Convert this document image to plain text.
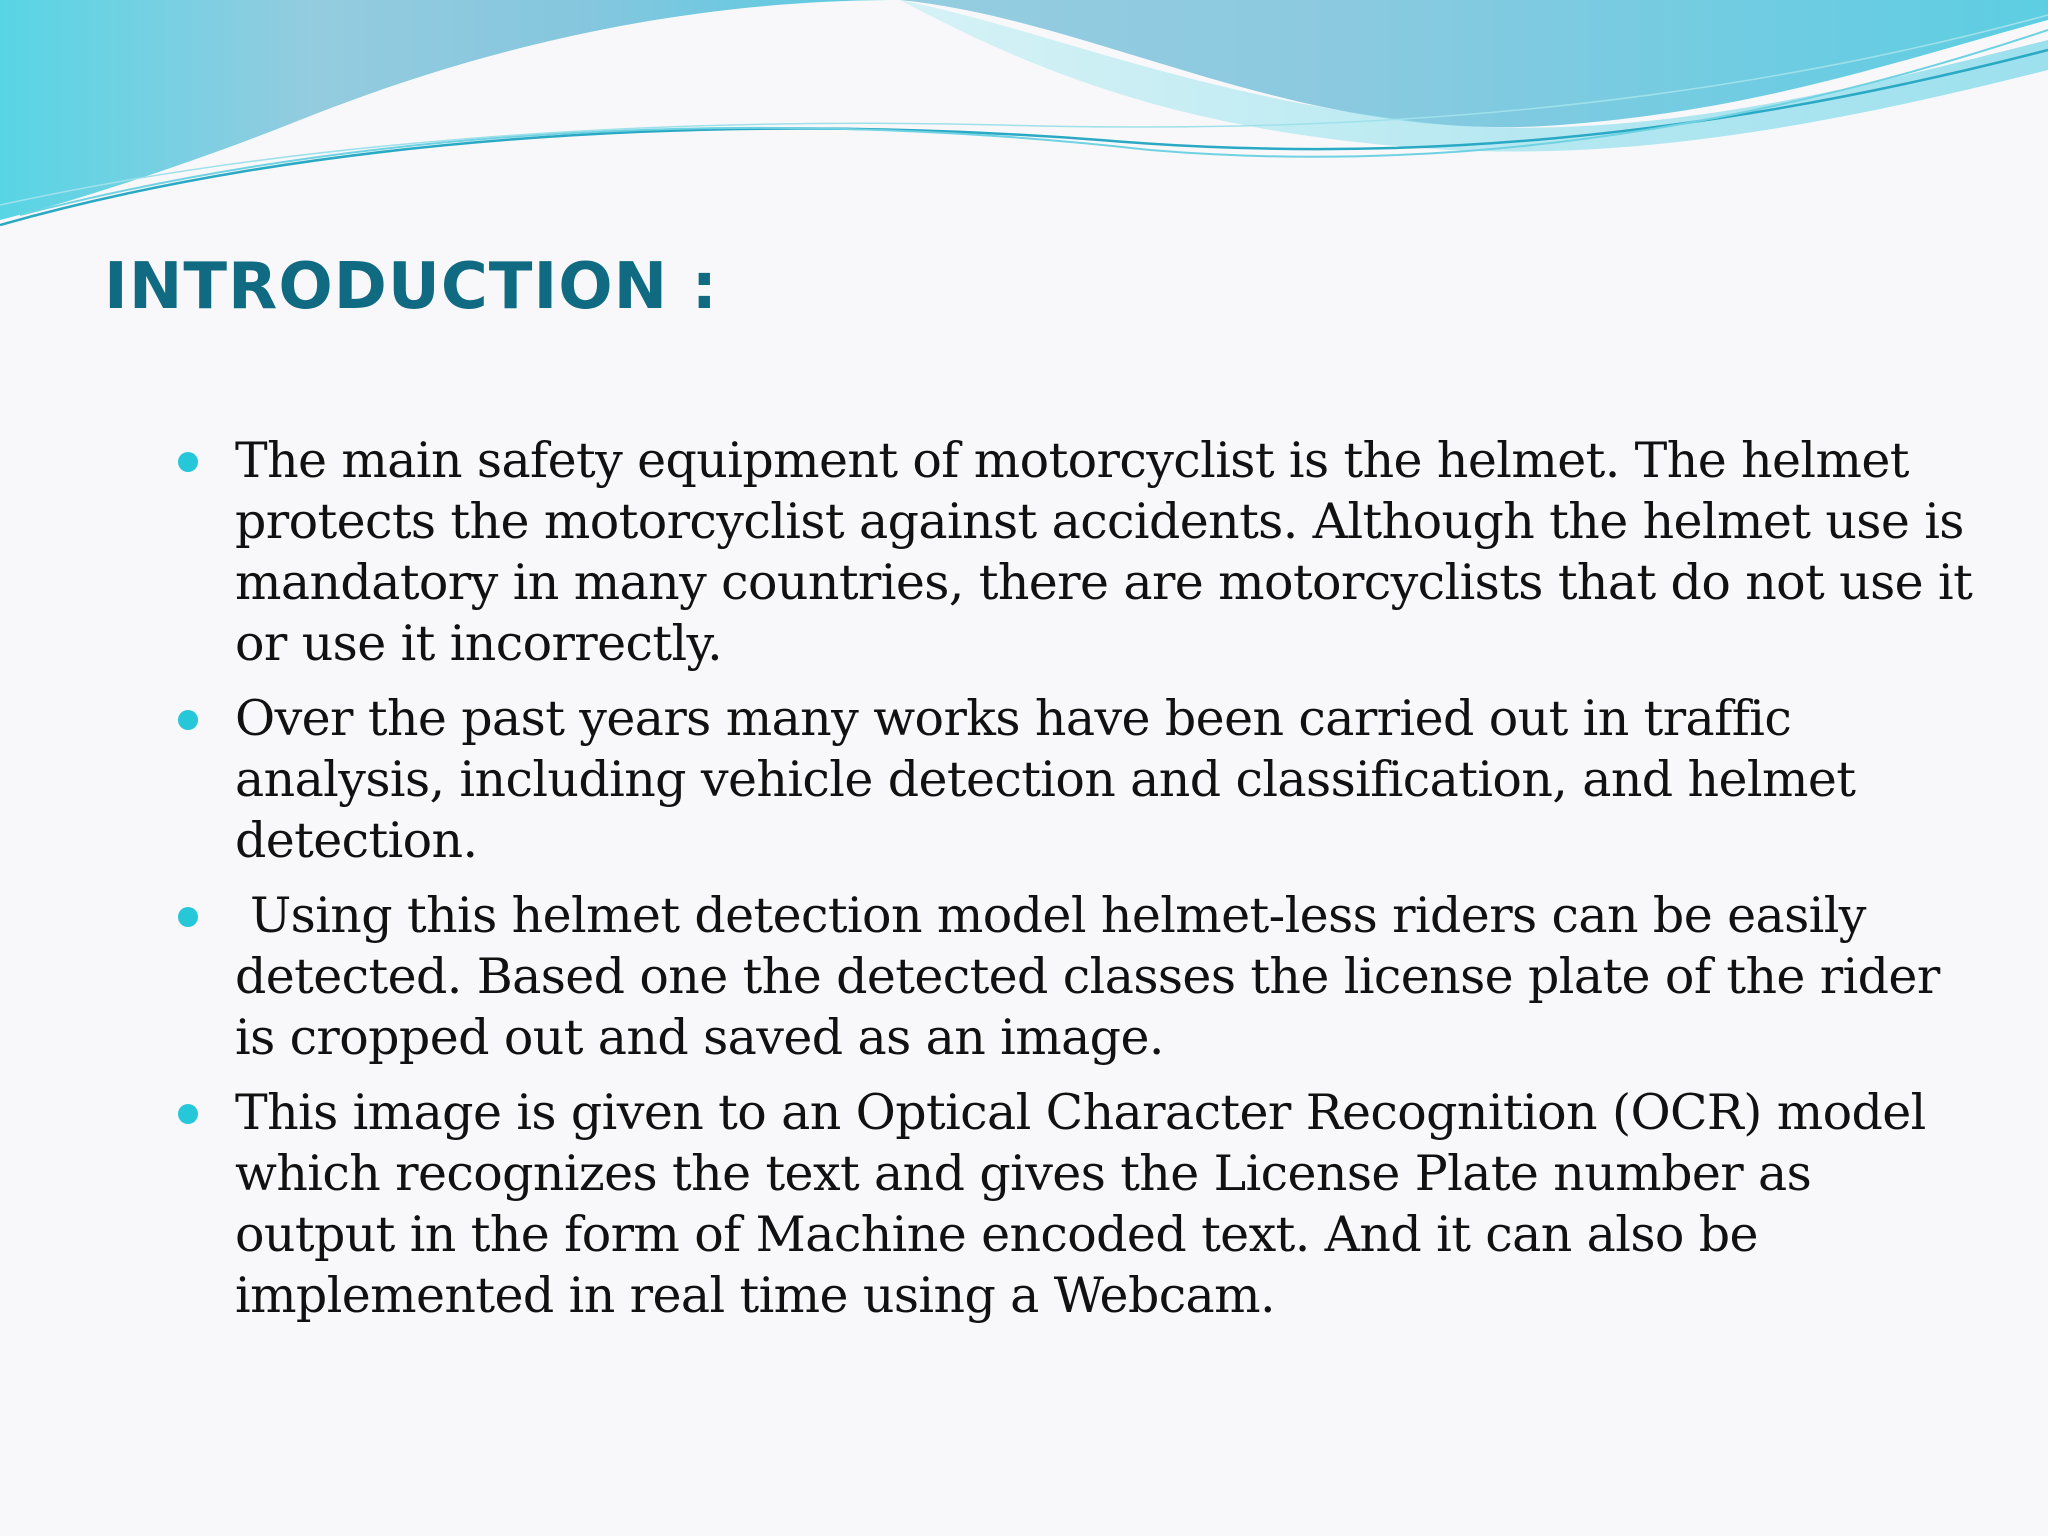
INTRODUCTION :
The main safety equipment of motorcyclist is the helmet. The helmet protects the motorcyclist against accidents. Although the helmet use is mandatory in many countries, there are motorcyclists that do not use it or use it incorrectly.
Over the past years many works have been carried out in traffic analysis, including vehicle detection and classification, and helmet detection.
Using this helmet detection model helmet-less riders can be easily detected. Based one the detected classes the license plate of the rider is cropped out and saved as an image.
This image is given to an Optical Character Recognition (OCR) model which recognizes the text and gives the License Plate number as output in the form of Machine encoded text. And it can also be implemented in real time using a Webcam.
